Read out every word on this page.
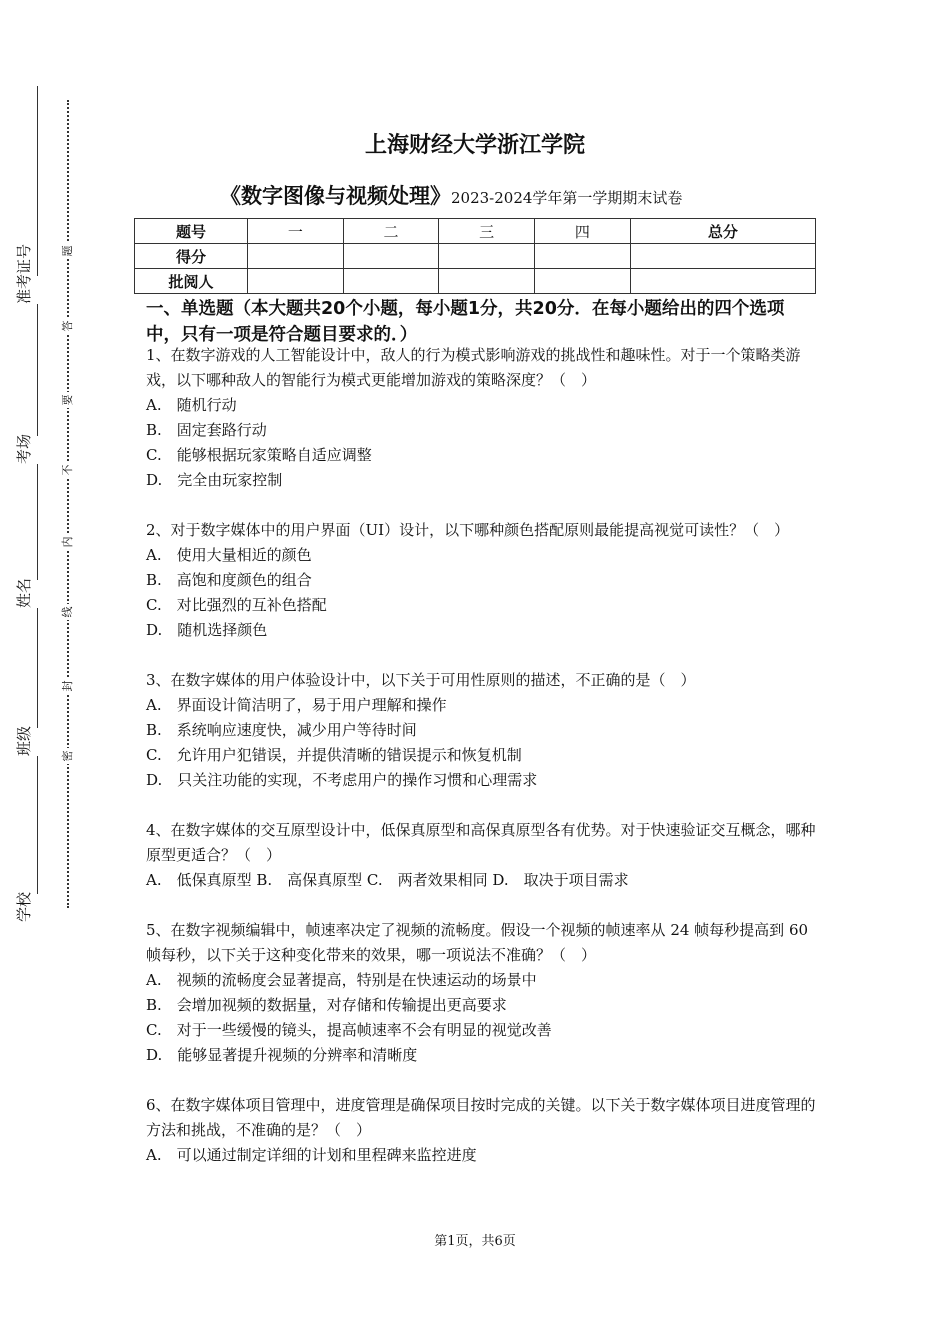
准考证号
考场
姓名
班级
学校
题
答
要
不
内
线
封
密
上海财经大学浙江学院
《数字图像与视频处理》2023-2024学年第一学期期末试卷
题号	一	二	三	四	总分
得分					
批阅人					
一、单选题（本大题共20个小题，每小题1分，共20分．在每小题给出的四个选项中，只有一项是符合题目要求的．）

1、在数字游戏的人工智能设计中，敌人的行为模式影响游戏的挑战性和趣味性。对于一个策略类游戏，以下哪种敌人的智能行为模式更能增加游戏的策略深度？（　）

A.　随机行动

B.　固定套路行动

C.　能够根据玩家策略自适应调整

D.　完全由玩家控制

2、对于数字媒体中的用户界面（UI）设计，以下哪种颜色搭配原则最能提高视觉可读性？（　）

A.　使用大量相近的颜色

B.　高饱和度颜色的组合

C.　对比强烈的互补色搭配

D.　随机选择颜色

3、在数字媒体的用户体验设计中，以下关于可用性原则的描述，不正确的是（　）

A.　界面设计简洁明了，易于用户理解和操作

B.　系统响应速度快，减少用户等待时间

C.　允许用户犯错误，并提供清晰的错误提示和恢复机制

D.　只关注功能的实现，不考虑用户的操作习惯和心理需求

4、在数字媒体的交互原型设计中，低保真原型和高保真原型各有优势。对于快速验证交互概念，哪种原型更适合？（　）

A.　低保真原型 B.　高保真原型 C.　两者效果相同 D.　取决于项目需求

5、在数字视频编辑中，帧速率决定了视频的流畅度。假设一个视频的帧速率从 24 帧每秒提高到 60 帧每秒，以下关于这种变化带来的效果，哪一项说法不准确？（　）

A.　视频的流畅度会显著提高，特别是在快速运动的场景中

B.　会增加视频的数据量，对存储和传输提出更高要求

C.　对于一些缓慢的镜头，提高帧速率不会有明显的视觉改善

D.　能够显著提升视频的分辨率和清晰度

6、在数字媒体项目管理中，进度管理是确保项目按时完成的关键。以下关于数字媒体项目进度管理的方法和挑战，不准确的是？（　）

A.　可以通过制定详细的计划和里程碑来监控进度

第1页，共6页
